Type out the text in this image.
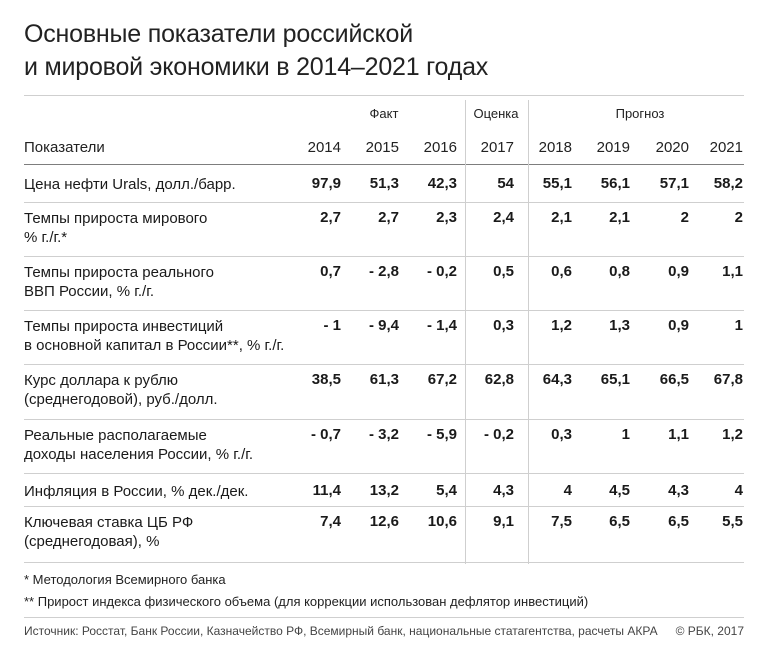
Основные показатели российской
и мировой экономики в 2014–2021 годах
Факт	Оценка	Прогноз
Показатели	2014	2015	2016	2017	2018	2019	2020	2021
Цена нефти Urals, долл./барр.	97,9	51,3	42,3	54	55,1	56,1	57,1	58,2
Темпы прироста мирового
% г./г.*
2,7	2,7	2,3	2,4	2,1	2,1	2	2
Темпы прироста реального
ВВП России, % г./г.
0,7	- 2,8	- 0,2	0,5	0,6	0,8	0,9	1,1
Темпы прироста инвестиций
в основной капитал в России**, % г./г.
- 1	- 9,4	- 1,4	0,3	1,2	1,3	0,9	1
Курс доллара к рублю
(среднегодовой), руб./долл.
38,5	61,3	67,2	62,8	64,3	65,1	66,5	67,8
Реальные располагаемые
доходы населения России, % г./г.
- 0,7	- 3,2	- 5,9	- 0,2	0,3	1	1,1	1,2
Инфляция в России, % дек./дек.	11,4	13,2	5,4	4,3	4	4,5	4,3	4
Ключевая ставка ЦБ РФ
(среднегодовая), %
7,4	12,6	10,6	9,1	7,5	6,5	6,5	5,5
* Методология Всемирного банка
** Прирост индекса физического объема (для коррекции использован дефлятор инвестиций)
Источник: Росстат, Банк России, Казначейство РФ, Всемирный банк, национальные статагентства, расчеты АКРА © РБК, 2017
